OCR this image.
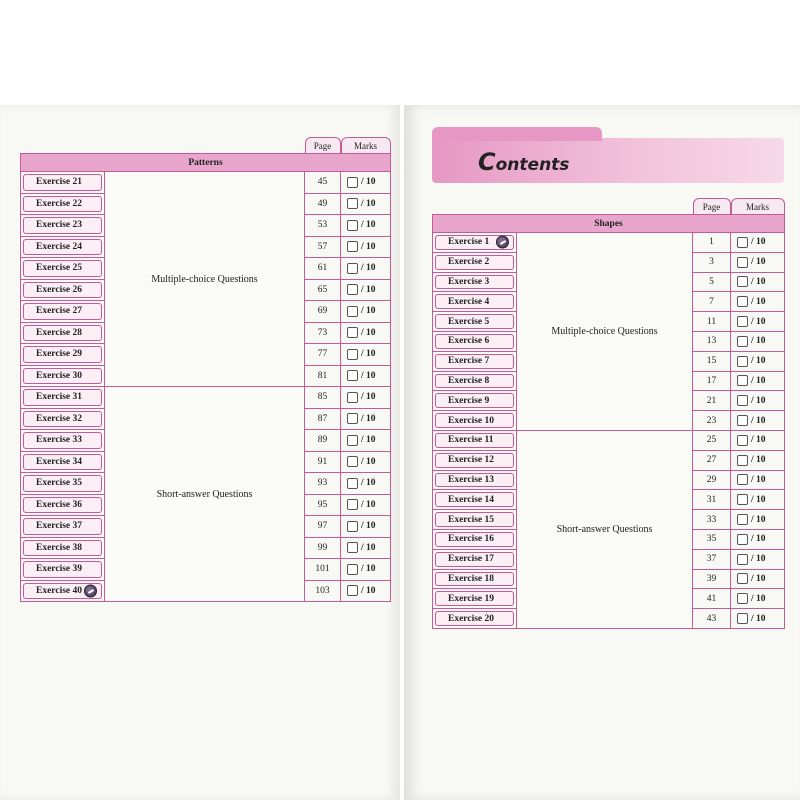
		Page	Marks
Patterns			

Exercise 21	Multiple-choice Questions	45	/ 10

Exercise 22		49	/ 10

Exercise 23		53	/ 10

Exercise 24		57	/ 10

Exercise 25		61	/ 10

Exercise 26		65	/ 10

Exercise 27		69	/ 10

Exercise 28		73	/ 10

Exercise 29		77	/ 10

Exercise 30		81	/ 10

Exercise 31	Short-answer Questions	85	/ 10

Exercise 32		87	/ 10

Exercise 33		89	/ 10

Exercise 34		91	/ 10

Exercise 35		93	/ 10

Exercise 36		95	/ 10

Exercise 37		97	/ 10

Exercise 38		99	/ 10

Exercise 39		101	/ 10

Exercise 40		103	/ 10
Contents
		Page	Marks
Shapes			

Exercise 1	Multiple-choice Questions	1	/ 10

Exercise 2		3	/ 10

Exercise 3		5	/ 10

Exercise 4		7	/ 10

Exercise 5		11	/ 10

Exercise 6		13	/ 10

Exercise 7		15	/ 10

Exercise 8		17	/ 10

Exercise 9		21	/ 10

Exercise 10		23	/ 10

Exercise 11	Short-answer Questions	25	/ 10

Exercise 12		27	/ 10

Exercise 13		29	/ 10

Exercise 14		31	/ 10

Exercise 15		33	/ 10

Exercise 16		35	/ 10

Exercise 17		37	/ 10

Exercise 18		39	/ 10

Exercise 19		41	/ 10

Exercise 20		43	/ 10
